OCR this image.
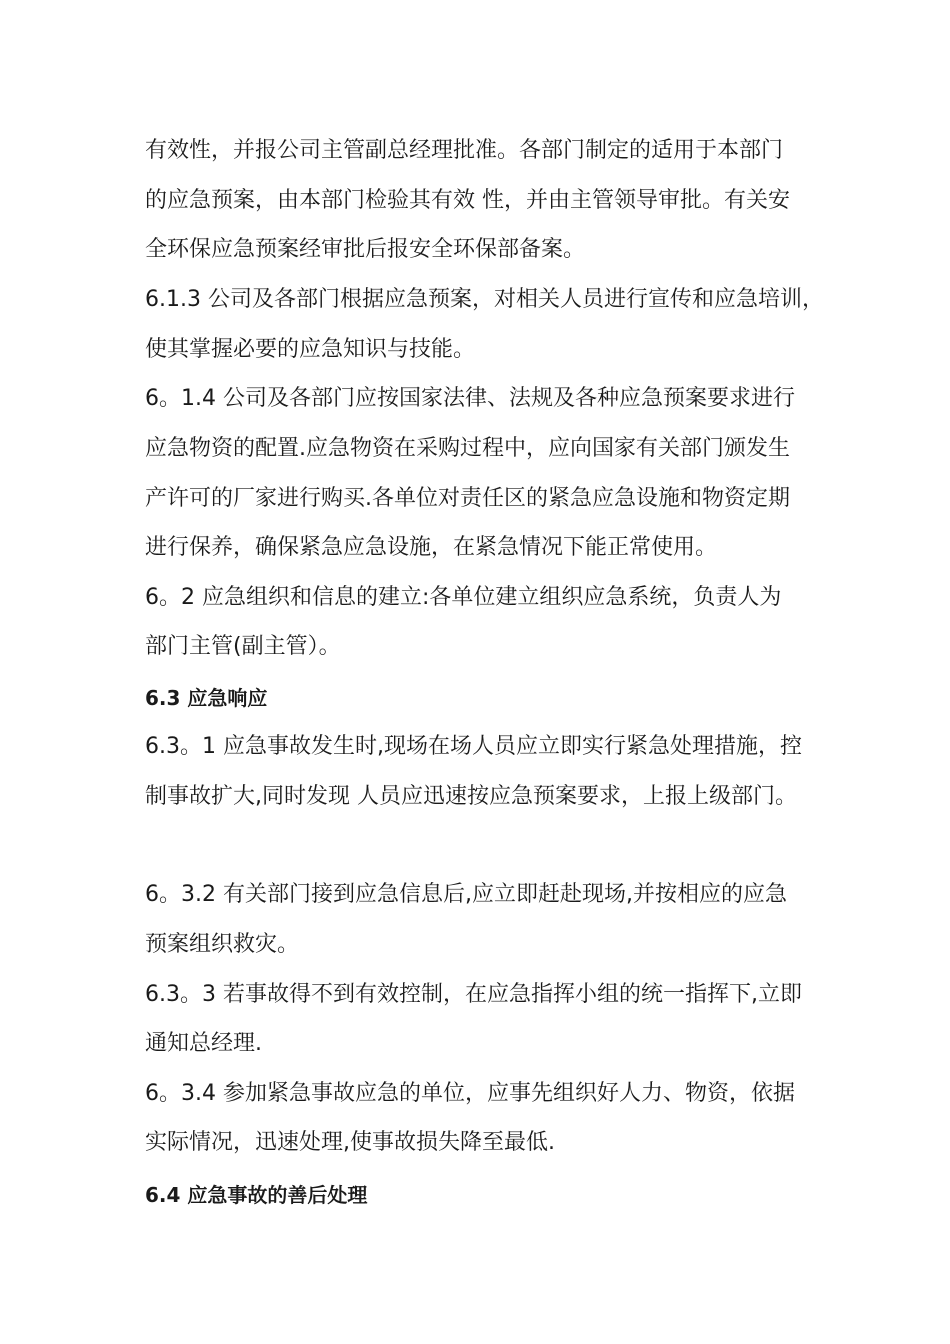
有效性，并报公司主管副总经理批准。各部门制定的适用于本部门
的应急预案，由本部门检验其有效 性，并由主管领导审批。有关安
全环保应急预案经审批后报安全环保部备案。
6.1.3 公司及各部门根据应急预案，对相关人员进行宣传和应急培训，
使其掌握必要的应急知识与技能。
6。1.4 公司及各部门应按国家法律、法规及各种应急预案要求进行
应急物资的配置.应急物资在采购过程中，应向国家有关部门颁发生
产许可的厂家进行购买.各单位对责任区的紧急应急设施和物资定期
进行保养，确保紧急应急设施，在紧急情况下能正常使用。
6。2 应急组织和信息的建立:各单位建立组织应急系统，负责人为
部门主管(副主管）。
6.3 应急响应
6.3。1 应急事故发生时,现场在场人员应立即实行紧急处理措施，控
制事故扩大,同时发现 人员应迅速按应急预案要求，上报上级部门。
6。3.2 有关部门接到应急信息后,应立即赶赴现场,并按相应的应急
预案组织救灾。
6.3。3 若事故得不到有效控制，在应急指挥小组的统一指挥下,立即
通知总经理.
6。3.4 参加紧急事故应急的单位，应事先组织好人力、物资，依据
实际情况，迅速处理,使事故损失降至最低.
6.4 应急事故的善后处理
